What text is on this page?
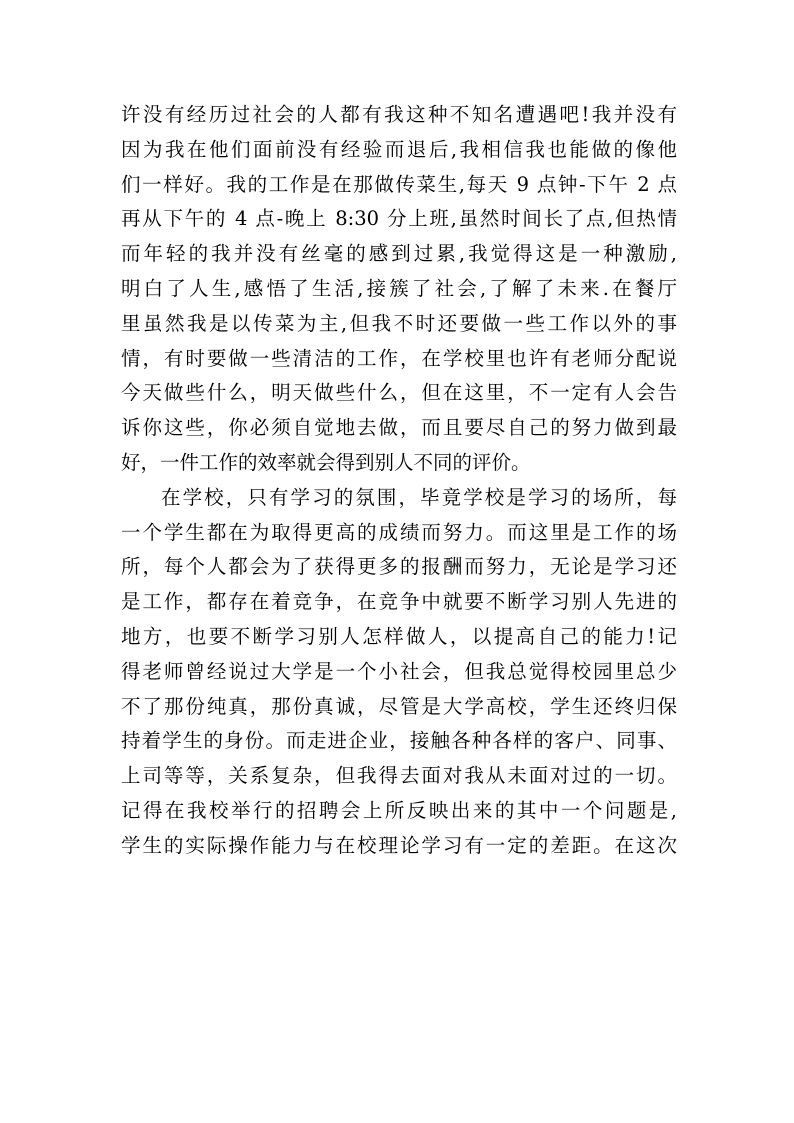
许没有经历过社会的人都有我这种不知名遭遇吧!我并没有
因为我在他们面前没有经验而退后,我相信我也能做的像他
们一样好。我的工作是在那做传菜生,每天 9 点钟-下午 2 点
再从下午的 4 点-晚上 8:30 分上班,虽然时间长了点,但热情
而年轻的我并没有丝毫的感到过累,我觉得这是一种激励,
明白了人生,感悟了生活,接簇了社会,了解了未来.在餐厅
里虽然我是以传菜为主,但我不时还要做一些工作以外的事
情，有时要做一些清洁的工作，在学校里也许有老师分配说
今天做些什么，明天做些什么，但在这里，不一定有人会告
诉你这些，你必须自觉地去做，而且要尽自己的努力做到最
好，一件工作的效率就会得到别人不同的评价。
在学校，只有学习的氛围，毕竟学校是学习的场所，每
一个学生都在为取得更高的成绩而努力。而这里是工作的场
所，每个人都会为了获得更多的报酬而努力，无论是学习还
是工作，都存在着竞争，在竞争中就要不断学习别人先进的
地方，也要不断学习别人怎样做人，以提高自己的能力!记
得老师曾经说过大学是一个小社会，但我总觉得校园里总少
不了那份纯真，那份真诚，尽管是大学高校，学生还终归保
持着学生的身份。而走进企业，接触各种各样的客户、同事、
上司等等，关系复杂，但我得去面对我从未面对过的一切。
记得在我校举行的招聘会上所反映出来的其中一个问题是,
学生的实际操作能力与在校理论学习有一定的差距。在这次
